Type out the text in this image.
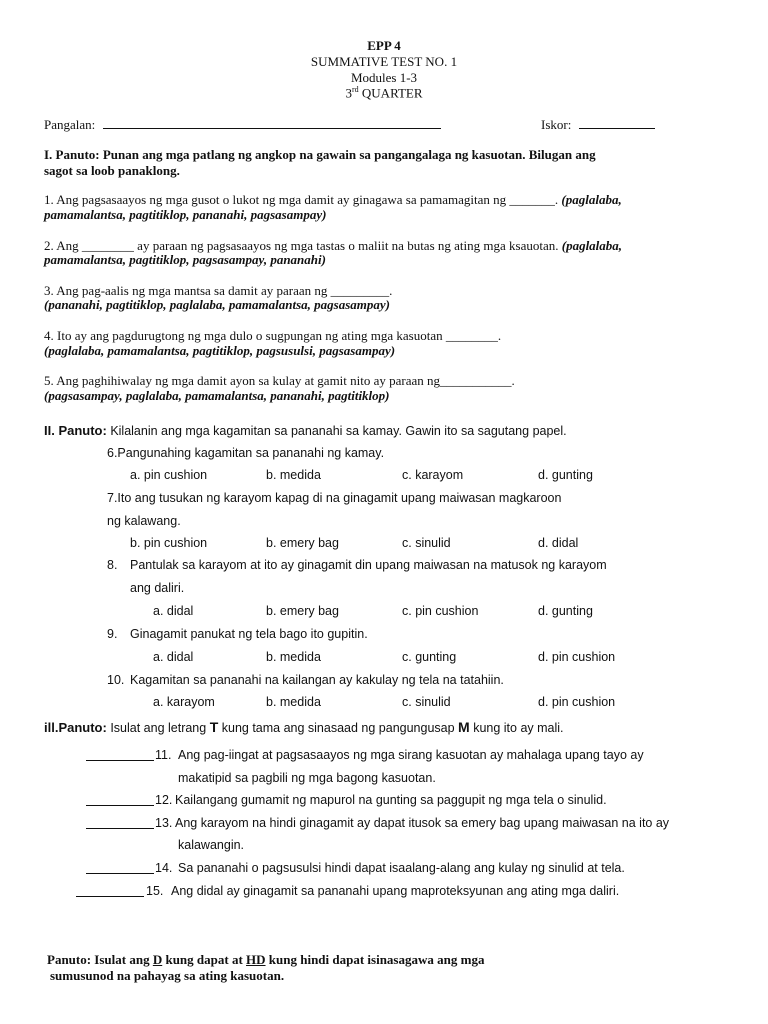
EPP 4
SUMMATIVE TEST NO. 1
Modules 1-3
3rd QUARTER
Pangalan:	Iskor:
I. Panuto: Punan ang mga patlang ng angkop na gawain sa pangangalaga ng kasuotan. Bilugan ang
sagot sa loob panaklong.
1. Ang pagsasaayos ng mga gusot o lukot ng mga damit ay ginagawa sa pamamagitan ng _______. (paglalaba,
pamamalantsa, pagtitiklop, pananahi, pagsasampay)
2. Ang ________ ay paraan ng pagsasaayos ng mga tastas o maliit na butas ng ating mga ksauotan. (paglalaba,
pamamalantsa, pagtitiklop, pagsasampay, pananahi)
3. Ang pag-aalis ng mga mantsa sa damit ay paraan ng _________.
(pananahi, pagtitiklop, paglalaba, pamamalantsa, pagsasampay)
4. Ito ay ang pagdurugtong ng mga dulo o sugpungan ng ating mga kasuotan ________.
(paglalaba, pamamalantsa, pagtitiklop, pagsusulsi, pagsasampay)
5. Ang paghihiwalay ng mga damit ayon sa kulay at gamit nito ay paraan ng___________.
(pagsasampay, paglalaba, pamamalantsa, pananahi, pagtitiklop)
II. Panuto: Kilalanin ang mga kagamitan sa pananahi sa kamay. Gawin ito sa sagutang papel.
6.Pangunahing kagamitan sa pananahi ng kamay.
a. pin cushion	b. medida	c. karayom	d. gunting
7.Ito ang tusukan ng karayom kapag di na ginagamit upang maiwasan magkaroon
ng kalawang.
b. pin cushion	b. emery bag	c. sinulid	d. didal
8. Pantulak sa karayom at ito ay ginagamit din upang maiwasan na matusok ng karayom
ang daliri.
a. didal	b. emery bag	c. pin cushion	d. gunting
9. Ginagamit panukat ng tela bago ito gupitin.
a. didal	b. medida	c. gunting	d. pin cushion
10. Kagamitan sa pananahi na kailangan ay kakulay ng tela na tatahiin.
a. karayom	b. medida	c. sinulid	d. pin cushion
ill.Panuto: Isulat ang letrang T kung tama ang sinasaad ng pangungusap M kung ito ay mali.
11. Ang pag-iingat at pagsasaayos ng mga sirang kasuotan ay mahalaga upang tayo ay
makatipid sa pagbili ng mga bagong kasuotan.
12. Kailangang gumamit ng mapurol na gunting sa paggupit ng mga tela o sinulid.
13. Ang karayom na hindi ginagamit ay dapat itusok sa emery bag upang maiwasan na ito ay
kalawangin.
14. Sa pananahi o pagsusulsi hindi dapat isaalang-alang ang kulay ng sinulid at tela.
15. Ang didal ay ginagamit sa pananahi upang maproteksyunan ang ating mga daliri.
Panuto: Isulat ang D kung dapat at HD kung hindi dapat isinasagawa ang mga
sumusunod na pahayag sa ating kasuotan.
